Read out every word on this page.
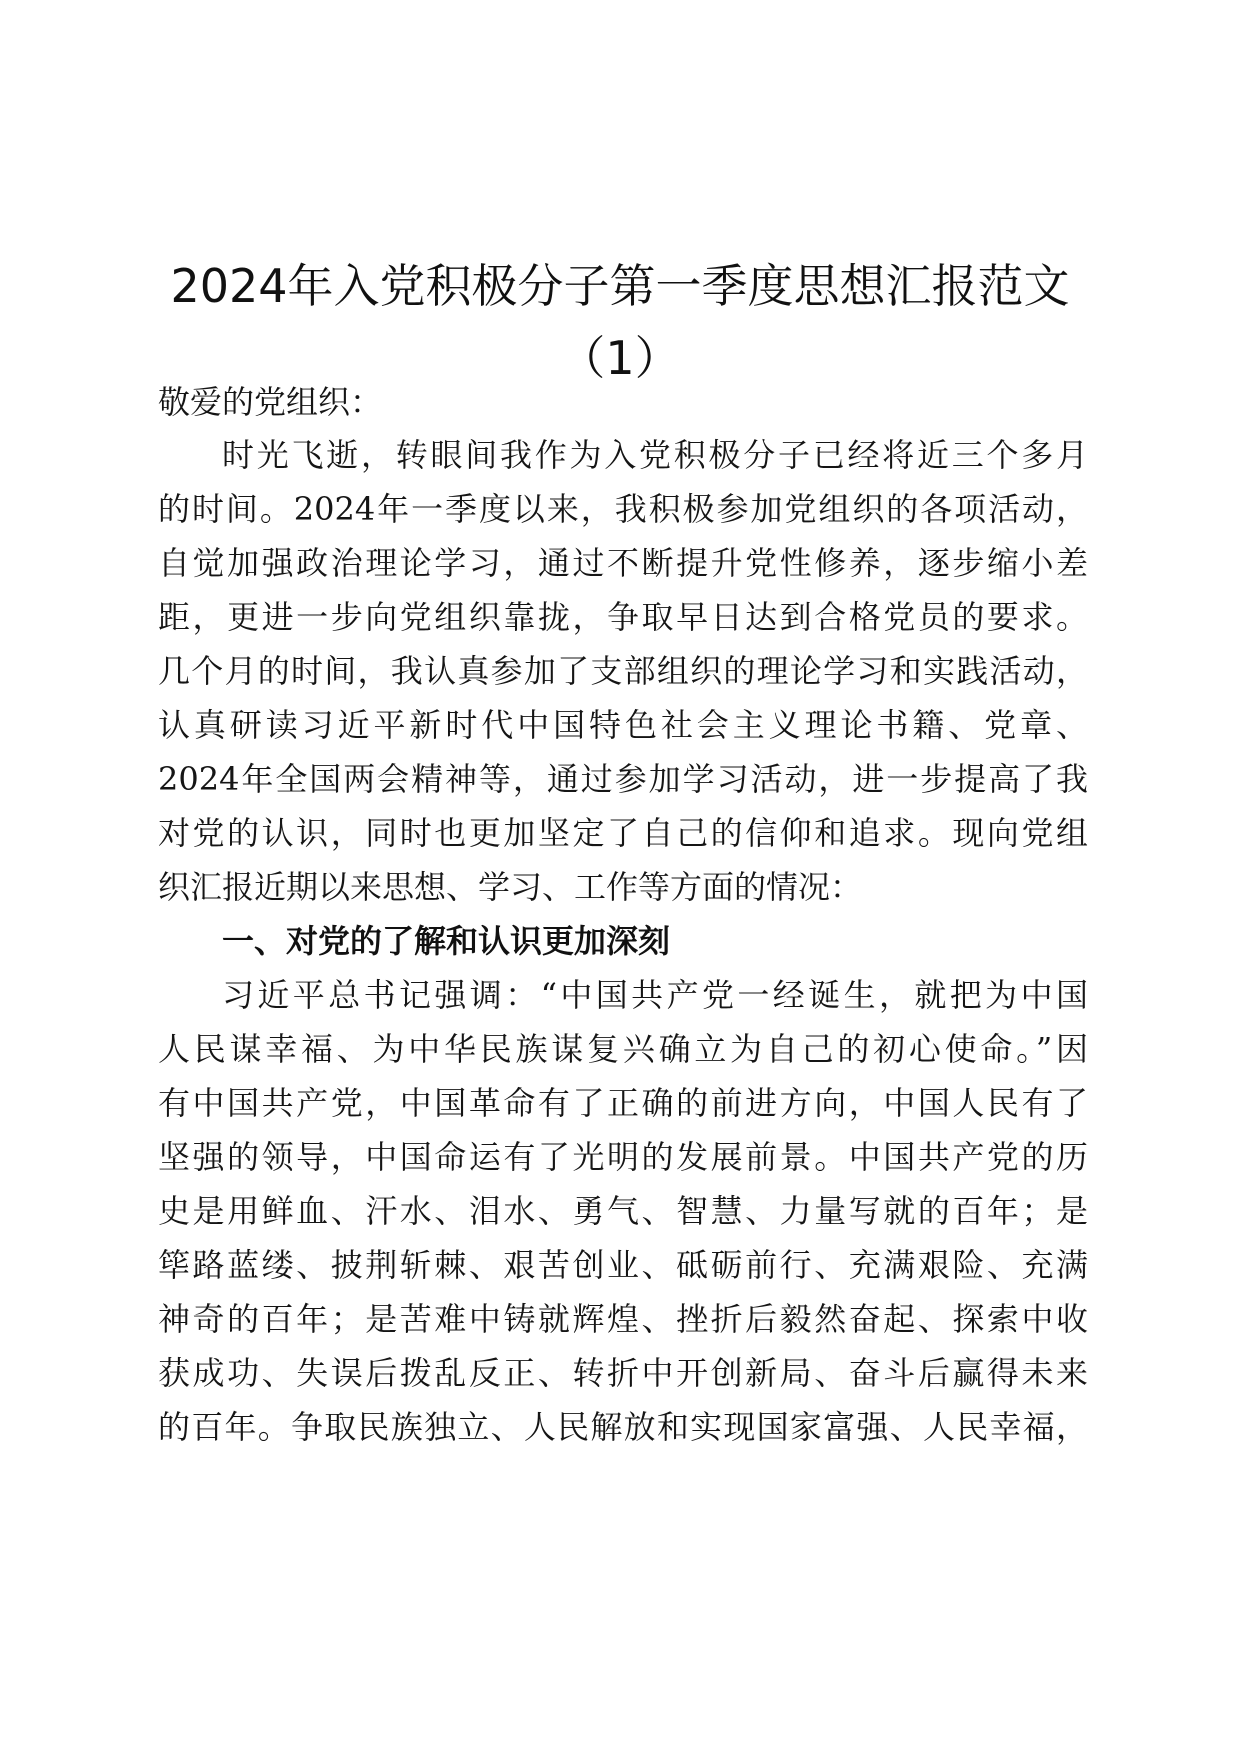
2024年入党积极分子第一季度思想汇报范文
（1）

敬爱的党组织：

时光飞逝，转眼间我作为入党积极分子已经将近三个多月

的时间。2024年一季度以来，我积极参加党组织的各项活动，

自觉加强政治理论学习，通过不断提升党性修养，逐步缩小差

距，更进一步向党组织靠拢，争取早日达到合格党员的要求。

几个月的时间，我认真参加了支部组织的理论学习和实践活动，

认真研读习近平新时代中国特色社会主义理论书籍、党章、

2024年全国两会精神等，通过参加学习活动，进一步提高了我

对党的认识，同时也更加坚定了自己的信仰和追求。现向党组

织汇报近期以来思想、学习、工作等方面的情况：

一、对党的了解和认识更加深刻

习近平总书记强调：“中国共产党一经诞生，就把为中国

人民谋幸福、为中华民族谋复兴确立为自己的初心使命。”因

有中国共产党，中国革命有了正确的前进方向，中国人民有了

坚强的领导，中国命运有了光明的发展前景。中国共产党的历

史是用鲜血、汗水、泪水、勇气、智慧、力量写就的百年；是

筚路蓝缕、披荆斩棘、艰苦创业、砥砺前行、充满艰险、充满

神奇的百年；是苦难中铸就辉煌、挫折后毅然奋起、探索中收

获成功、失误后拨乱反正、转折中开创新局、奋斗后赢得未来

的百年。争取民族独立、人民解放和实现国家富强、人民幸福，
